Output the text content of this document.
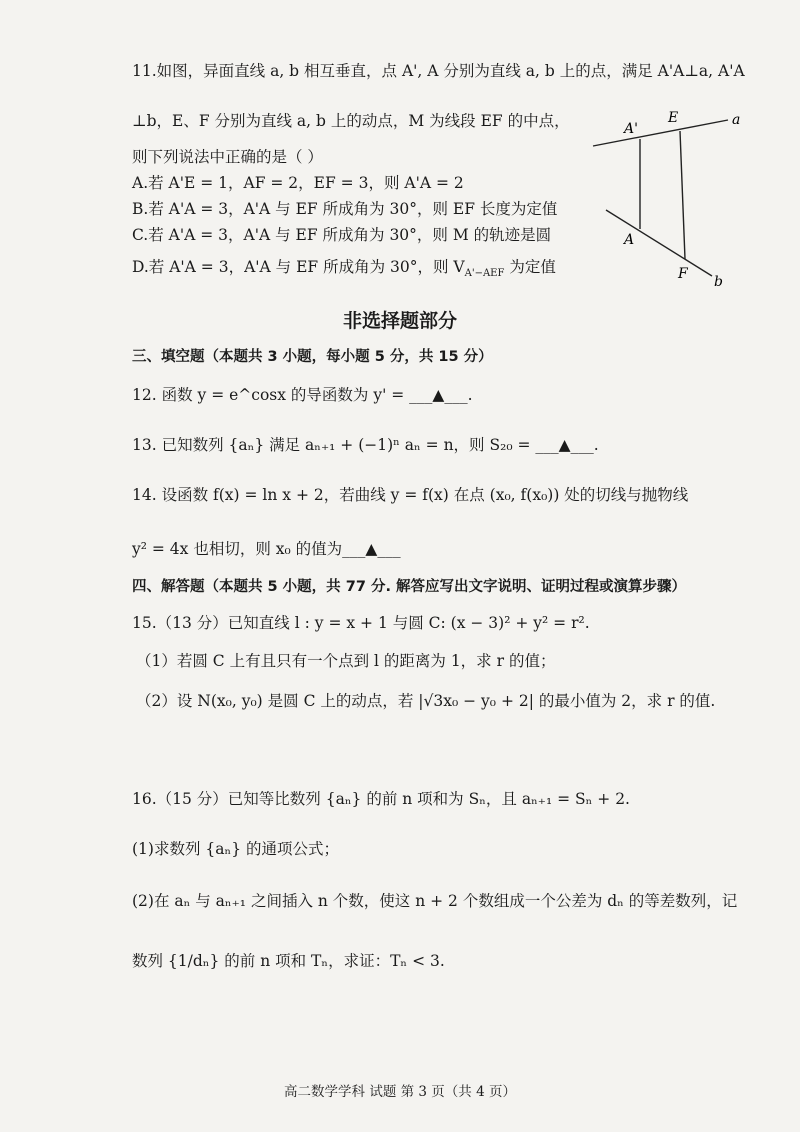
11.如图，异面直线 a, b 相互垂直，点 A', A 分别为直线 a, b 上的点，满足 A'A⊥a, A'A
⊥b，E、F 分别为直线 a, b 上的动点，M 为线段 EF 的中点，
则下列说法中正确的是（ ）
A.若 A'E = 1，AF = 2，EF = 3，则 A'A = 2
B.若 A'A = 3，A'A 与 EF 所成角为 30°，则 EF 长度为定值
C.若 A'A = 3，A'A 与 EF 所成角为 30°，则 M 的轨迹是圆
D.若 A'A = 3，A'A 与 EF 所成角为 30°，则 $V_{A'-AEF}$ 为定值
A'
E	a
A
F b
非选择题部分
三、填空题（本题共 3 小题，每小题 5 分，共 15 分）
12. 函数 y = e^cosx 的导函数为 y' = ___▲___.
13. 已知数列 {aₙ} 满足 aₙ₊₁ + (−1)ⁿ aₙ = n，则 S₂₀ = ___▲___.
14. 设函数 f(x) = ln x + 2，若曲线 y = f(x) 在点 (x₀, f(x₀)) 处的切线与抛物线
y² = 4x 也相切，则 x₀ 的值为___▲___
四、解答题（本题共 5 小题，共 77 分. 解答应写出文字说明、证明过程或演算步骤）
15.（13 分）已知直线 l : y = x + 1 与圆 C: (x − 3)² + y² = r².
（1）若圆 C 上有且只有一个点到 l 的距离为 1，求 r 的值；
（2）设 N(x₀, y₀) 是圆 C 上的动点，若 |√3x₀ − y₀ + 2| 的最小值为 2，求 r 的值.
16.（15 分）已知等比数列 {aₙ} 的前 n 项和为 Sₙ，且 aₙ₊₁ = Sₙ + 2.
(1)求数列 {aₙ} 的通项公式；
(2)在 aₙ 与 aₙ₊₁ 之间插入 n 个数，使这 n + 2 个数组成一个公差为 dₙ 的等差数列，记
数列 {1/dₙ} 的前 n 项和 Tₙ，求证：Tₙ < 3.
高二数学学科 试题 第 3 页（共 4 页）
